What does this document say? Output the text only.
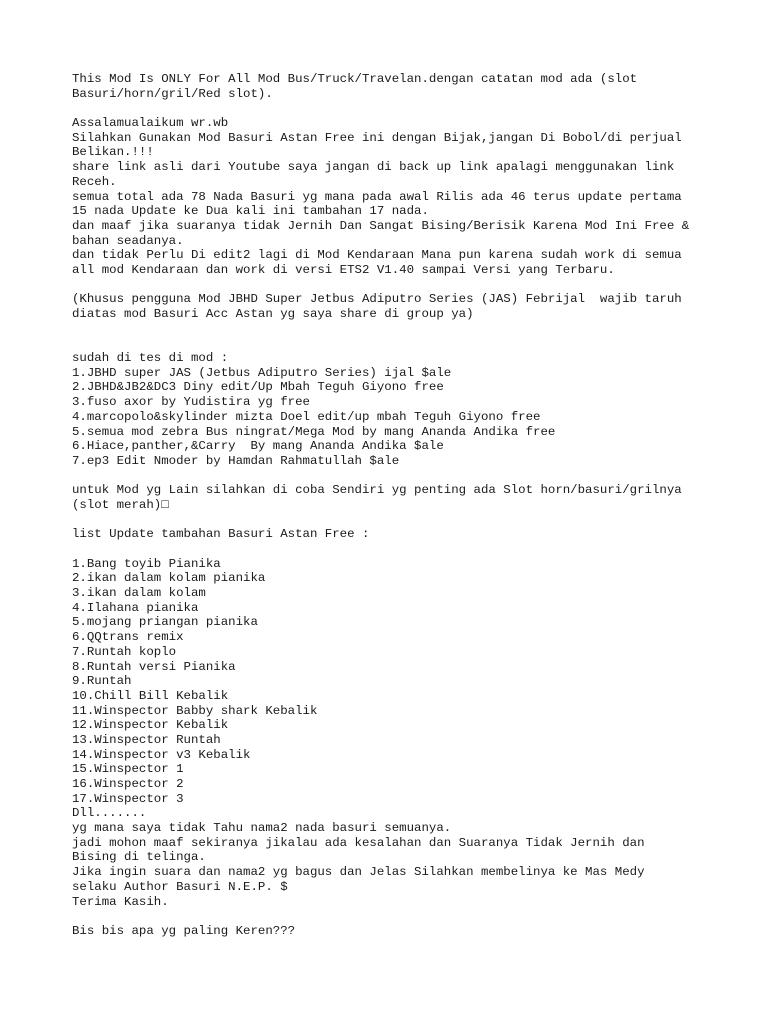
This Mod Is ONLY For All Mod Bus/Truck/Travelan.dengan catatan mod ada (slot
Basuri/horn/gril/Red slot).
Assalamualaikum wr.wb
Silahkan Gunakan Mod Basuri Astan Free ini dengan Bijak,jangan Di Bobol/di perjual
Belikan.!!!
share link asli dari Youtube saya jangan di back up link apalagi menggunakan link
Receh.
semua total ada 78 Nada Basuri yg mana pada awal Rilis ada 46 terus update pertama
15 nada Update ke Dua kali ini tambahan 17 nada.
dan maaf jika suaranya tidak Jernih Dan Sangat Bising/Berisik Karena Mod Ini Free &
bahan seadanya.
dan tidak Perlu Di edit2 lagi di Mod Kendaraan Mana pun karena sudah work di semua
all mod Kendaraan dan work di versi ETS2 V1.40 sampai Versi yang Terbaru.
(Khusus pengguna Mod JBHD Super Jetbus Adiputro Series (JAS) Febrijal  wajib taruh
diatas mod Basuri Acc Astan yg saya share di group ya)
sudah di tes di mod :
1.JBHD super JAS (Jetbus Adiputro Series) ijal $ale
2.JBHD&JB2&DC3 Diny edit/Up Mbah Teguh Giyono free
3.fuso axor by Yudistira yg free
4.marcopolo&skylinder mizta Doel edit/up mbah Teguh Giyono free
5.semua mod zebra Bus ningrat/Mega Mod by mang Ananda Andika free
6.Hiace,panther,&Carry  By mang Ananda Andika $ale
7.ep3 Edit Nmoder by Hamdan Rahmatullah $ale
untuk Mod yg Lain silahkan di coba Sendiri yg penting ada Slot horn/basuri/grilnya
(slot merah)□
list Update tambahan Basuri Astan Free :
1.Bang toyib Pianika
2.ikan dalam kolam pianika
3.ikan dalam kolam
4.Ilahana pianika
5.mojang priangan pianika
6.QQtrans remix
7.Runtah koplo
8.Runtah versi Pianika
9.Runtah
10.Chill Bill Kebalik
11.Winspector Babby shark Kebalik
12.Winspector Kebalik
13.Winspector Runtah
14.Winspector v3 Kebalik
15.Winspector 1
16.Winspector 2
17.Winspector 3
Dll.......
yg mana saya tidak Tahu nama2 nada basuri semuanya.
jadi mohon maaf sekiranya jikalau ada kesalahan dan Suaranya Tidak Jernih dan
Bising di telinga.
Jika ingin suara dan nama2 yg bagus dan Jelas Silahkan membelinya ke Mas Medy
selaku Author Basuri N.E.P. $
Terima Kasih.
Bis bis apa yg paling Keren???
